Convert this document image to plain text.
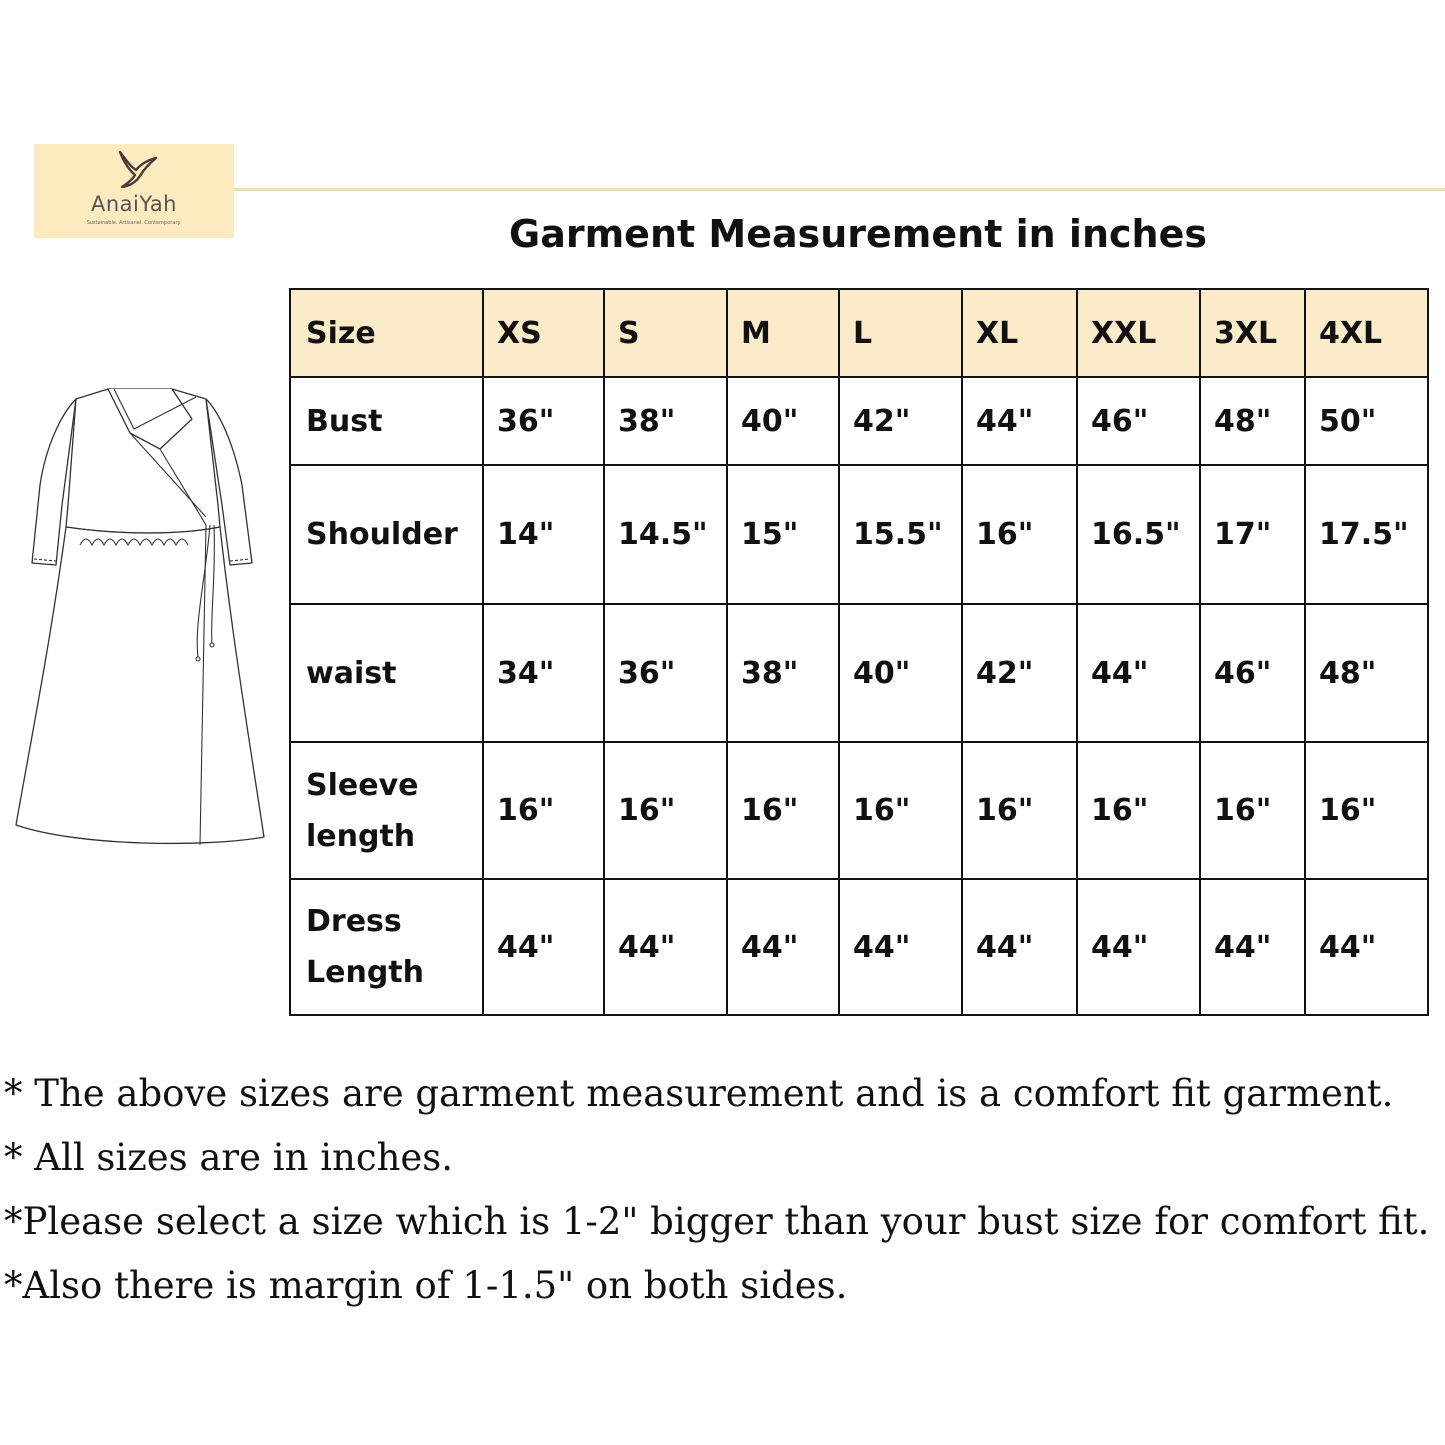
AnaiYah
Sustainable. Artisanal. Contemporary.	Garment Measurement in inches
Size	XS	S	M	L	XL	XXL	3XL	4XL
Bust	36"	38"	40"	42"	44"	46"	48"	50"
Shoulder	14"	14.5"	15"	15.5"	16"	16.5"	17"	17.5"
waist	34"	36"	38"	40"	42"	44"	46"	48"
Sleeve length	16"	16"	16"	16"	16"	16"	16"	16"
Dress Length	44"	44"	44"	44"	44"	44"	44"	44"
* The above sizes are garment measurement and is a comfort fit garment.
* All sizes are in inches.
*Please select a size which is 1-2" bigger than your bust size for comfort fit.
*Also there is margin of 1-1.5" on both sides.
